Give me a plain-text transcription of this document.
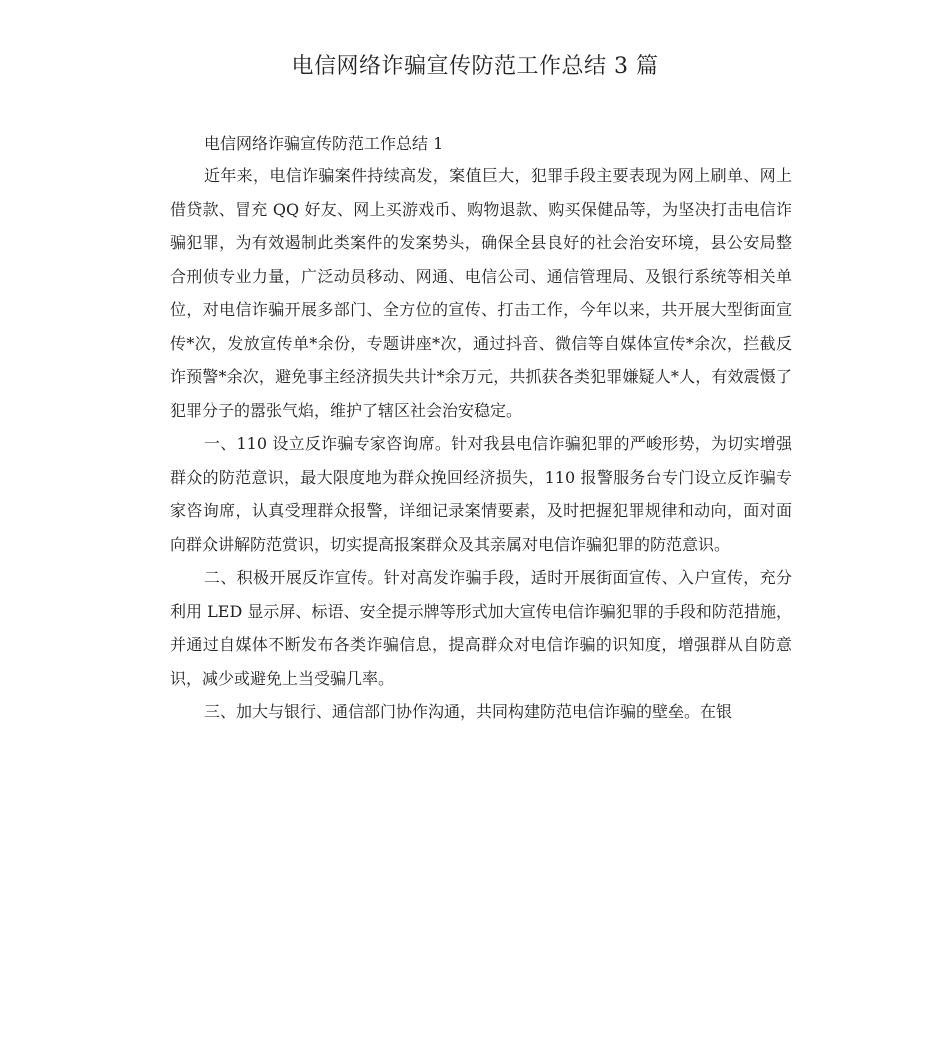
电信网络诈骗宣传防范工作总结 3 篇

电信网络诈骗宣传防范工作总结 1

近年来，电信诈骗案件持续高发，案值巨大，犯罪手段主要表现为网上刷单、网上借贷款、冒充 QQ 好友、网上买游戏币、购物退款、购买保健品等，为坚决打击电信诈骗犯罪，为有效遏制此类案件的发案势头，确保全县良好的社会治安环境，县公安局整合刑侦专业力量，广泛动员移动、网通、电信公司、通信管理局、及银行系统等相关单位，对电信诈骗开展多部门、全方位的宣传、打击工作，今年以来，共开展大型街面宣传*次，发放宣传单*余份，专题讲座*次，通过抖音、微信等自媒体宣传*余次，拦截反诈预警*余次，避免事主经济损失共计*余万元，共抓获各类犯罪嫌疑人*人，有效震慑了犯罪分子的嚣张气焰，维护了辖区社会治安稳定。

一、110 设立反诈骗专家咨询席。针对我县电信诈骗犯罪的严峻形势，为切实增强群众的防范意识，最大限度地为群众挽回经济损失，110 报警服务台专门设立反诈骗专家咨询席，认真受理群众报警，详细记录案情要素，及时把握犯罪规律和动向，面对面向群众讲解防范赏识，切实提高报案群众及其亲属对电信诈骗犯罪的防范意识。

二、积极开展反诈宣传。针对高发诈骗手段，适时开展街面宣传、入户宣传，充分利用 LED 显示屏、标语、安全提示牌等形式加大宣传电信诈骗犯罪的手段和防范措施，并通过自媒体不断发布各类诈骗信息，提高群众对电信诈骗的识知度，增强群从自防意识，减少或避免上当受骗几率。

三、加大与银行、通信部门协作沟通，共同构建防范电信诈骗的壁垒。在银
